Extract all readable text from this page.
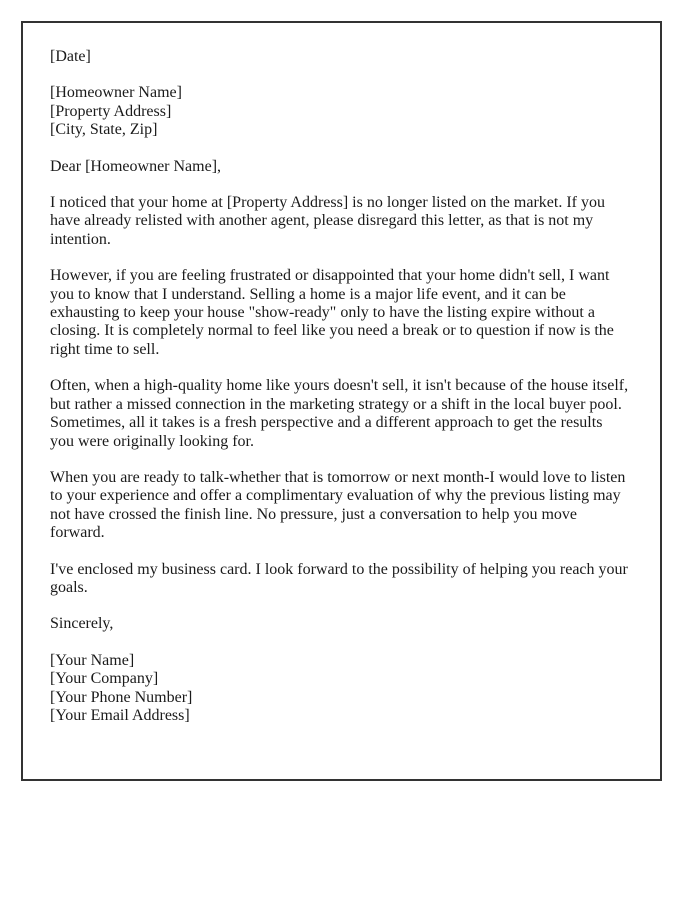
[Date]
[Homeowner Name]
[Property Address]
[City, State, Zip]
Dear [Homeowner Name],

I noticed that your home at [Property Address] is no longer listed on the market. If you have already relisted with another agent, please disregard this letter, as that is not my intention.

However, if you are feeling frustrated or disappointed that your home didn't sell, I want you to know that I understand. Selling a home is a major life event, and it can be exhausting to keep your house "show-ready" only to have the listing expire without a closing. It is completely normal to feel like you need a break or to question if now is the right time to sell.

Often, when a high-quality home like yours doesn't sell, it isn't because of the house itself, but rather a missed connection in the marketing strategy or a shift in the local buyer pool. Sometimes, all it takes is a fresh perspective and a different approach to get the results you were originally looking for.

When you are ready to talk-whether that is tomorrow or next month-I would love to listen to your experience and offer a complimentary evaluation of why the previous listing may not have crossed the finish line. No pressure, just a conversation to help you move forward.

I've enclosed my business card. I look forward to the possibility of helping you reach your goals.

Sincerely,
[Your Name]
[Your Company]
[Your Phone Number]
[Your Email Address]
